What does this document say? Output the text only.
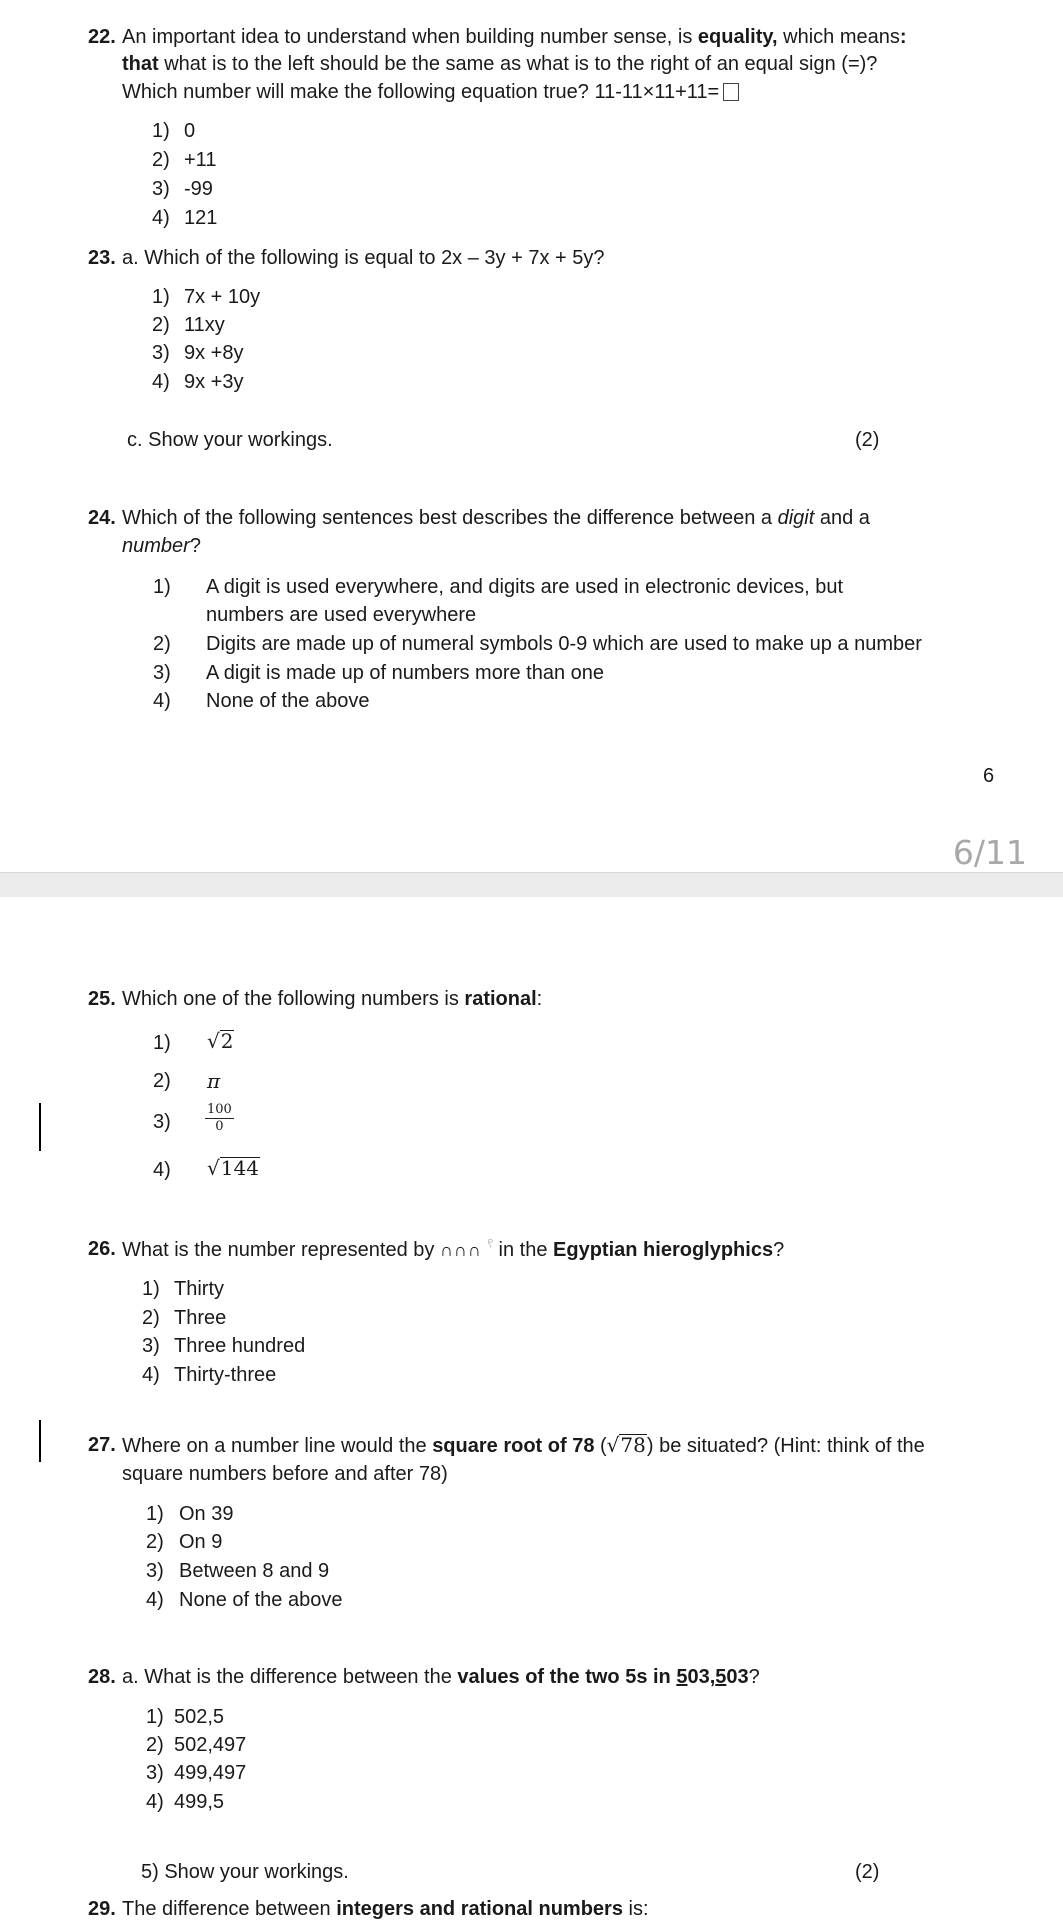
22. An important idea to understand when building number sense, is equality, which means:
that what is to the left should be the same as what is to the right of an equal sign (=)?
Which number will make the following equation true? 11-11×11+11=
1) 0
2) +11
3) -99
4) 121
23. a. Which of the following is equal to 2x – 3y + 7x + 5y?
1) 7x + 10y
2) 11xy
3) 9x +8y
4) 9x +3y
c. Show your workings.	(2)
24. Which of the following sentences best describes the difference between a digit and a
number?
1) A digit is used everywhere, and digits are used in electronic devices, but
numbers are used everywhere
2) Digits are made up of numeral symbols 0-9 which are used to make up a number
3) A digit is made up of numbers more than one
4) None of the above
6
6/11
25. Which one of the following numbers is rational:
1) √2
2) π
3)	$\frac{100}{0}$
4) √144
26. What is the number represented by ∩∩∩ $^𓍢$ in the Egyptian hieroglyphics?
1) Thirty
2) Three
3) Three hundred
4) Thirty-three
27. Where on a number line would the square root of 78 (√78) be situated? (Hint: think of the
square numbers before and after 78)
1) On 39
2) On 9
3) Between 8 and 9
4) None of the above
28. a. What is the difference between the values of the two 5s in 503,503?
1) 502,5
2) 502,497
3) 499,497
4) 499,5
5) Show your workings.	(2)
29. The difference between integers and rational numbers is:
